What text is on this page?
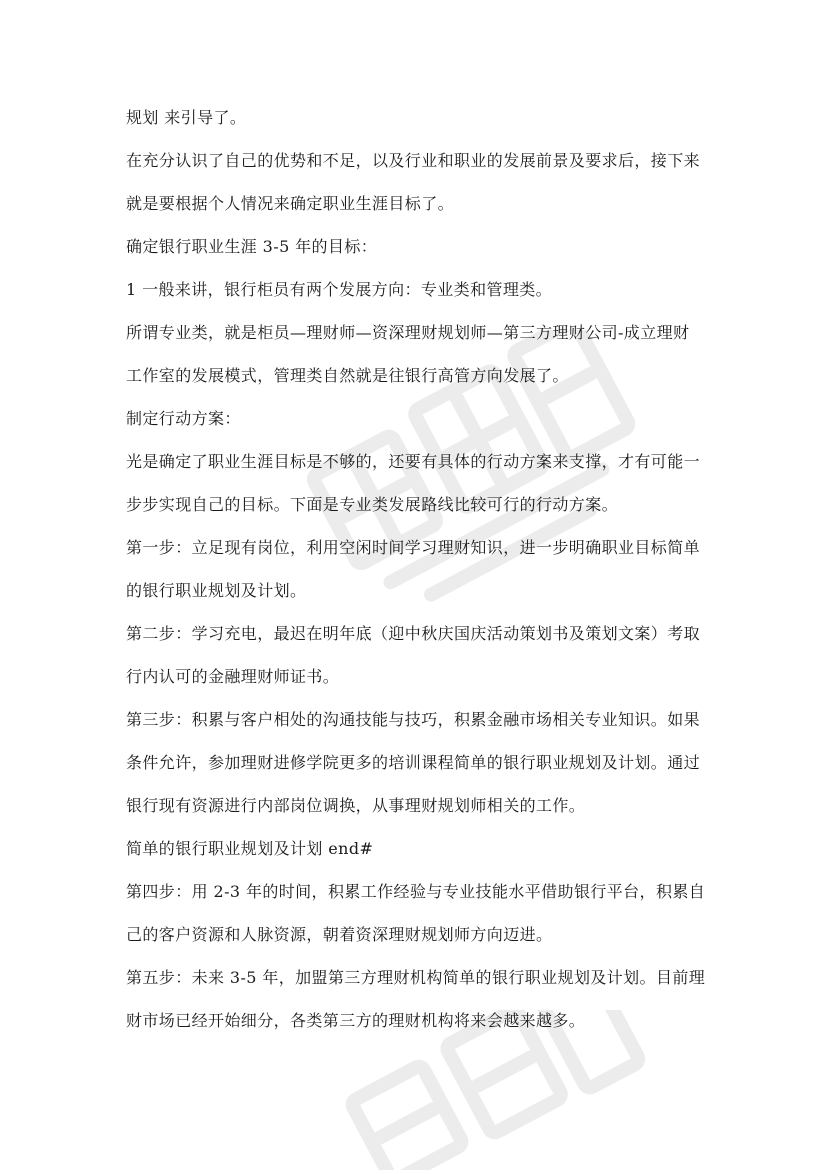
规划 来引导了。
在充分认识了自己的优势和不足，以及行业和职业的发展前景及要求后，接下来
就是要根据个人情况来确定职业生涯目标了。
确定银行职业生涯 3-5 年的目标：
1 一般来讲，银行柜员有两个发展方向：专业类和管理类。
所谓专业类，就是柜员—理财师—资深理财规划师—第三方理财公司-成立理财
工作室的发展模式，管理类自然就是往银行高管方向发展了。
制定行动方案：
光是确定了职业生涯目标是不够的，还要有具体的行动方案来支撑，才有可能一
步步实现自己的目标。下面是专业类发展路线比较可行的行动方案。
第一步：立足现有岗位，利用空闲时间学习理财知识，进一步明确职业目标简单
的银行职业规划及计划。
第二步：学习充电，最迟在明年底（迎中秋庆国庆活动策划书及策划文案）考取
行内认可的金融理财师证书。
第三步：积累与客户相处的沟通技能与技巧，积累金融市场相关专业知识。如果
条件允许，参加理财进修学院更多的培训课程简单的银行职业规划及计划。通过
银行现有资源进行内部岗位调换，从事理财规划师相关的工作。
简单的银行职业规划及计划 end#
第四步：用 2-3 年的时间，积累工作经验与专业技能水平借助银行平台，积累自
己的客户资源和人脉资源，朝着资深理财规划师方向迈进。
第五步：未来 3-5 年，加盟第三方理财机构简单的银行职业规划及计划。目前理
财市场已经开始细分，各类第三方的理财机构将来会越来越多。
